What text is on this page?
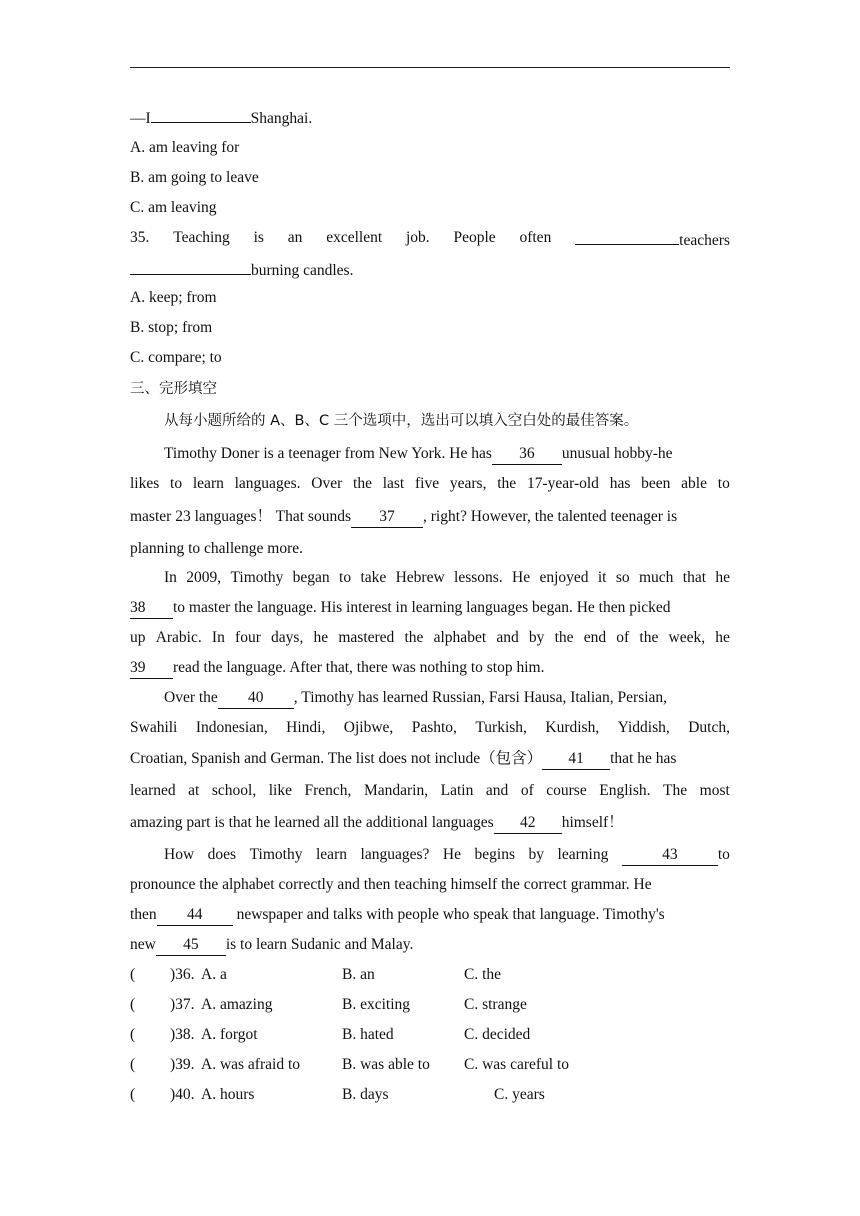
—I	Shanghai.
A. am leaving for
B. am going to leave
C. am leaving
35. Teaching is an excellent job. People often	teachers
burning candles.
A. keep; from
B. stop; from
C. compare; to
三、完形填空
从每小题所给的 A、B、C 三个选项中，选出可以填入空白处的最佳答案。
Timothy Doner is a teenager from New York. He has 36 unusual hobby-he
likes to learn languages. Over the last five years, the 17-year-old has been able to
master 23 languages！ That sounds 37 , right? However, the talented teenager is
planning to challenge more.
In 2009, Timothy began to take Hebrew lessons. He enjoyed it so much that he
38 to master the language. His interest in learning languages began. He then picked
up Arabic. In four days, he mastered the alphabet and by the end of the week, he
39 read the language. After that, there was nothing to stop him.
Over the 40 , Timothy has learned Russian, Farsi Hausa, Italian, Persian,
Swahili Indonesian, Hindi, Ojibwe, Pashto, Turkish, Kurdish, Yiddish, Dutch,
Croatian, Spanish and German. The list does not include（包含） 41 that he has
learned at school, like French, Mandarin, Latin and of course English. The most
amazing part is that he learned all the additional languages 42 himself！
How does Timothy learn languages? He begins by learning	43	to
pronounce the alphabet correctly and then teaching himself the correct grammar. He
then 44 newspaper and talks with people who speak that language. Timothy's
new 45 is to learn Sudanic and Malay.
( )36. A. a	B. an	C. the
( )37. A. amazing	B. exciting	C. strange
( )38. A. forgot	B. hated	C. decided
( )39. A. was afraid to	B. was able to C. was careful to
( )40. A. hours	B. days	C. years
